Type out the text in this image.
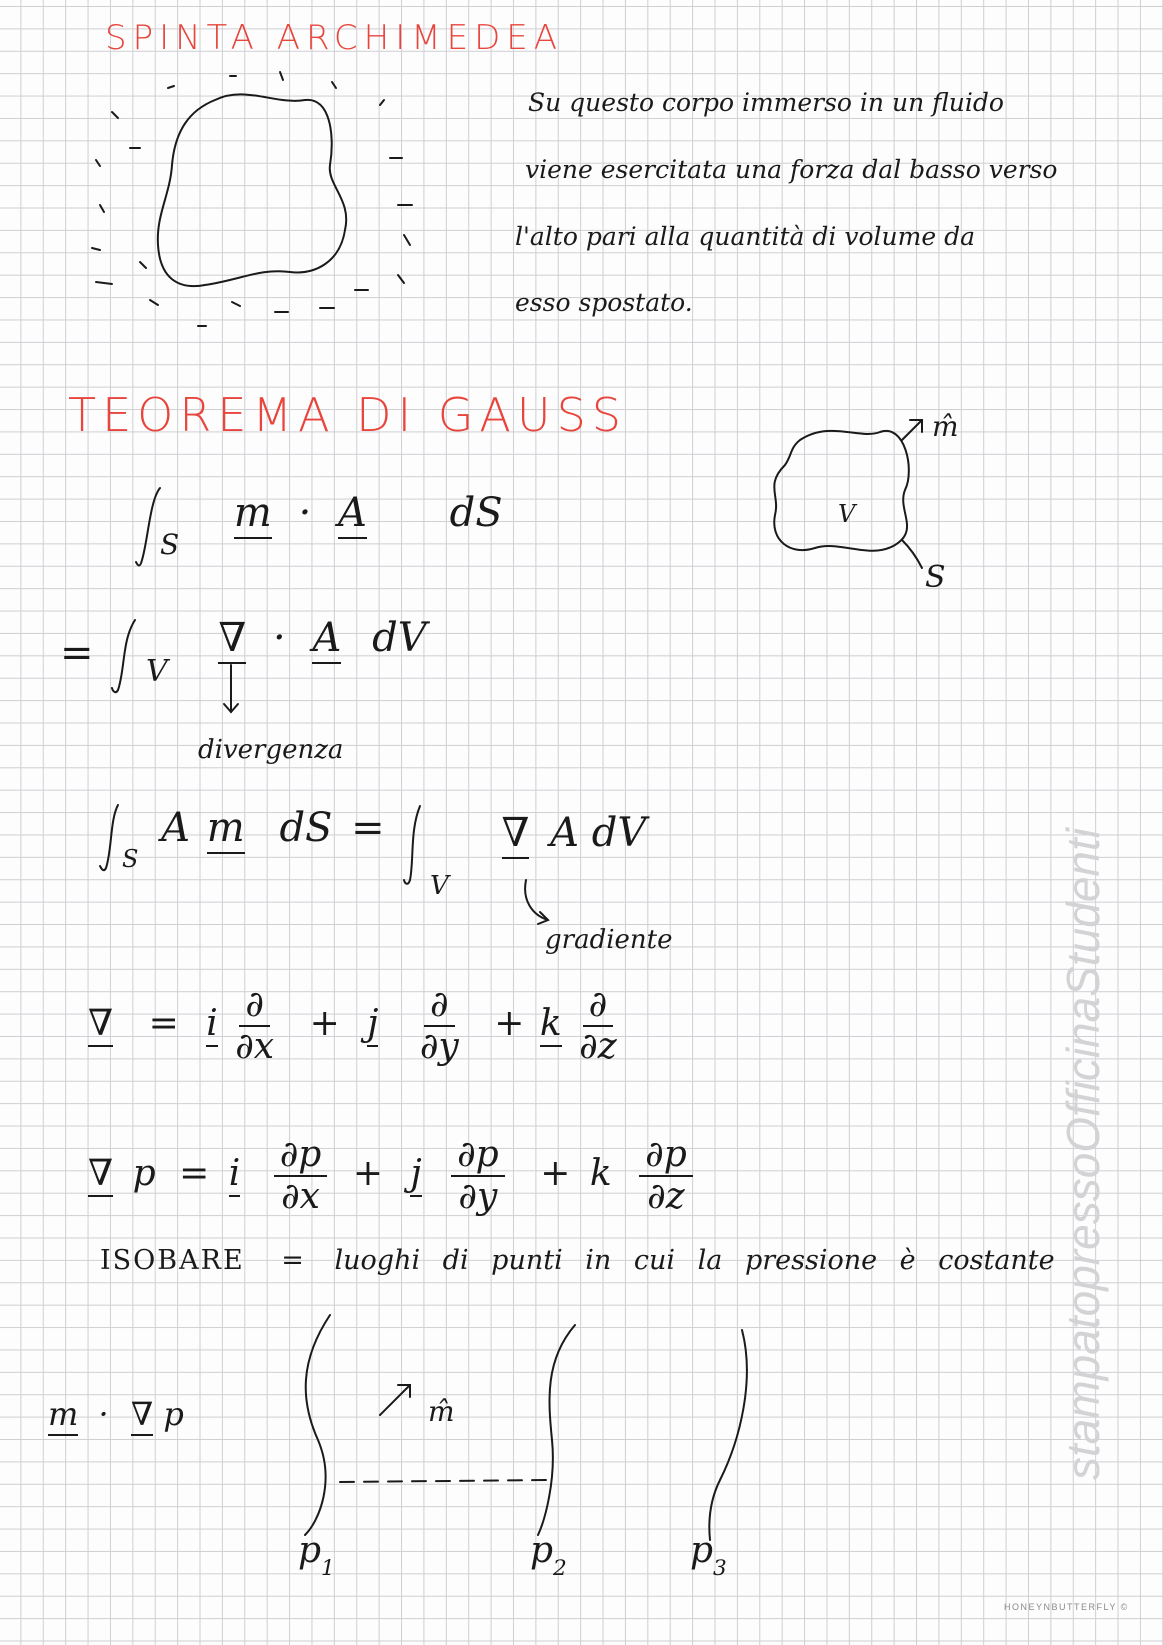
SPINTA ARCHIMEDEA
Su questo corpo immerso in un fluido
viene esercitata una forza dal basso verso
l'alto pari alla quantità di volume da
esso spostato.
TEOREMA DI GAUSS	m̂
V
S
$_S$ m · A dS
= $_V$ ∇ · A dV
divergenza
$_S$ A m dS =
$_V$ ∇ A dV
gradiente
∇ = i $\frac{\partial}{\partial x} + j \frac{\partial}{\partial y} + k \frac{\partial}{\partial z}$
∇ p = i $\frac{\partial p}{\partial x} + j \frac{\partial p}{\partial y} + k \frac{\partial p}{\partial z}$
ISOBARE = luoghi di punti in cui la pressione è costante
m · ∇ p	m̂
$p_1$	$p_2$	$p_3$
stampatopressoOfficinaStudenti
HONEYNBUTTERFLY ©
